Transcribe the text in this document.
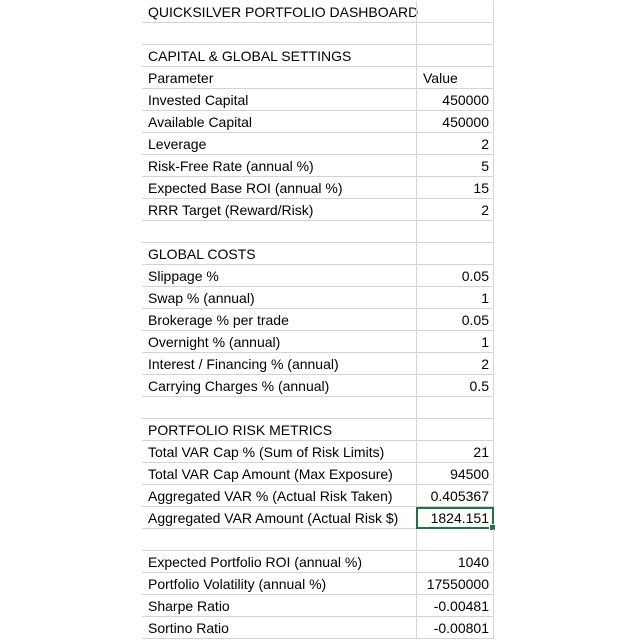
QUICKSILVER PORTFOLIO DASHBOARD
CAPITAL & GLOBAL SETTINGS
Parameter	Value
Invested Capital	450000
Available Capital	450000
Leverage	2
Risk-Free Rate (annual %)	5
Expected Base ROI (annual %)	15
RRR Target (Reward/Risk)	2
GLOBAL COSTS
Slippage %	0.05
Swap % (annual)	1
Brokerage % per trade	0.05
Overnight % (annual)	1
Interest / Financing % (annual)	2
Carrying Charges % (annual)	0.5
PORTFOLIO RISK METRICS
Total VAR Cap % (Sum of Risk Limits)	21
Total VAR Cap Amount (Max Exposure)	94500
Aggregated VAR % (Actual Risk Taken)	0.405367
Aggregated VAR Amount (Actual Risk $)	1824.151
Expected Portfolio ROI (annual %)	1040
Portfolio Volatility (annual %)	17550000
Sharpe Ratio	-0.00481
Sortino Ratio	-0.00801
